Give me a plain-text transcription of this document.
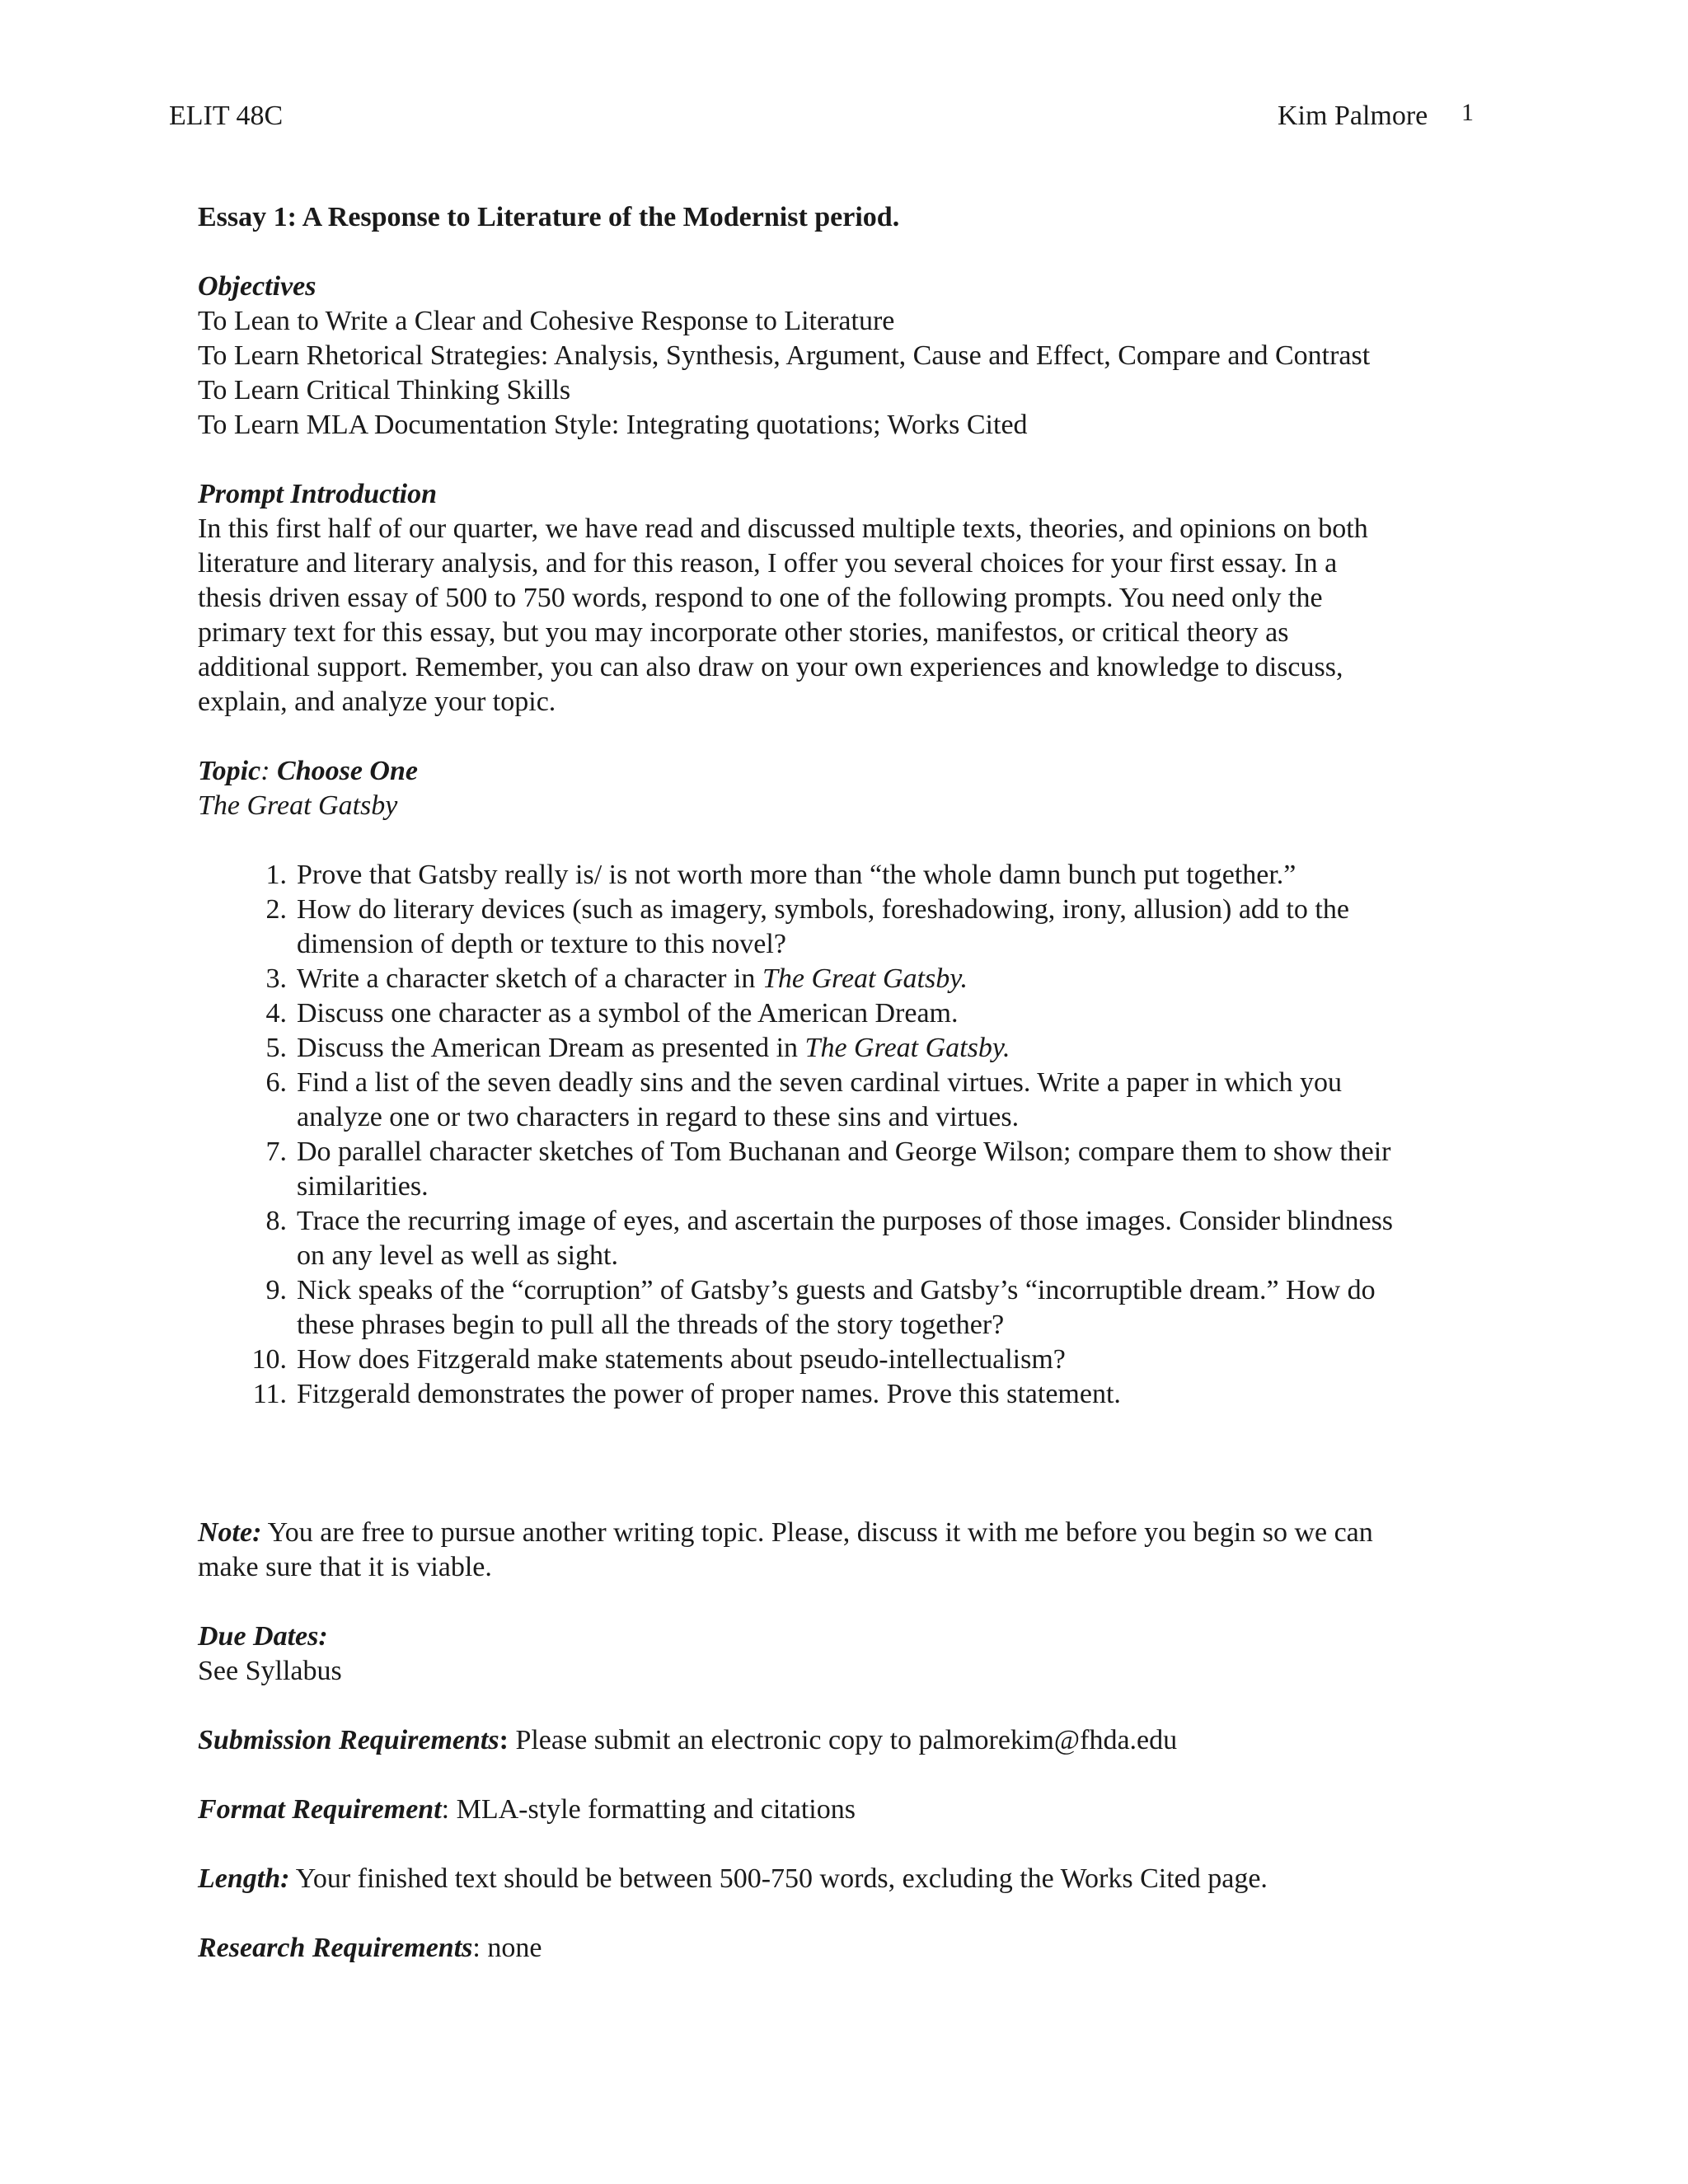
ELIT 48C	Kim Palmore 1

Essay 1: A Response to Literature of the Modernist period.

Objectives

To Lean to Write a Clear and Cohesive Response to Literature
To Learn Rhetorical Strategies: Analysis, Synthesis, Argument, Cause and Effect, Compare and Contrast
To Learn Critical Thinking Skills
To Learn MLA Documentation Style: Integrating quotations; Works Cited

Prompt Introduction

In this first half of our quarter, we have read and discussed multiple texts, theories, and opinions on both
literature and literary analysis, and for this reason, I offer you several choices for your first essay. In a
thesis driven essay of 500 to 750 words, respond to one of the following prompts. You need only the
primary text for this essay, but you may incorporate other stories, manifestos, or critical theory as
additional support. Remember, you can also draw on your own experiences and knowledge to discuss,
explain, and analyze your topic.

Topic: Choose One

The Great Gatsby

1. Prove that Gatsby really is/ is not worth more than “the whole damn bunch put together.”
2. How do literary devices (such as imagery, symbols, foreshadowing, irony, allusion) add to the
dimension of depth or texture to this novel?
3. Write a character sketch of a character in The Great Gatsby.
4. Discuss one character as a symbol of the American Dream.
5. Discuss the American Dream as presented in The Great Gatsby.
6. Find a list of the seven deadly sins and the seven cardinal virtues. Write a paper in which you
analyze one or two characters in regard to these sins and virtues.
7. Do parallel character sketches of Tom Buchanan and George Wilson; compare them to show their
similarities.
8. Trace the recurring image of eyes, and ascertain the purposes of those images. Consider blindness
on any level as well as sight.
9. Nick speaks of the “corruption” of Gatsby’s guests and Gatsby’s “incorruptible dream.” How do
these phrases begin to pull all the threads of the story together?
10. How does Fitzgerald make statements about pseudo-intellectualism?
11. Fitzgerald demonstrates the power of proper names. Prove this statement.
Note: You are free to pursue another writing topic. Please, discuss it with me before you begin so we can
make sure that it is viable.

Due Dates:

See Syllabus

Submission Requirements: Please submit an electronic copy to palmorekim@fhda.edu

Format Requirement: MLA-style formatting and citations

Length: Your finished text should be between 500-750 words, excluding the Works Cited page.

Research Requirements: none
